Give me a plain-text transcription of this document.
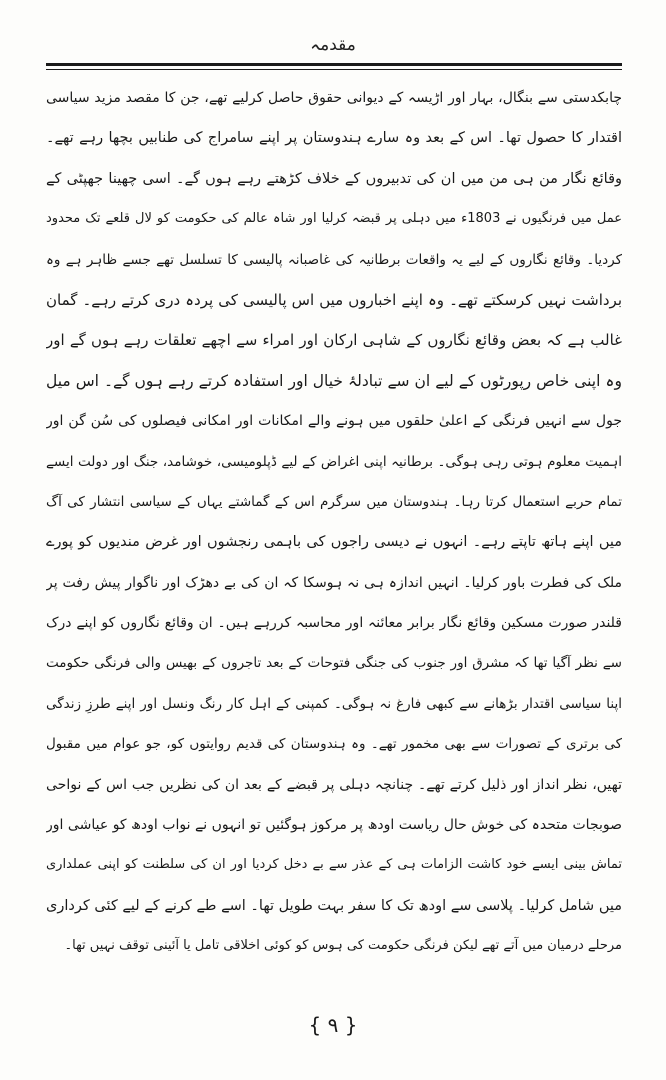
مقدمہ
چابکدستی سے بنگال، بہار اور اڑیسہ کے دیوانی حقوق حاصل کرلیے تھے، جن کا مقصد مزید سیاسی
اقتدار کا حصول تھا۔ اس کے بعد وہ سارے ہندوستان پر اپنے سامراج کی طنابیں بچھا رہے تھے۔
وقائع نگار من ہی من میں ان کی تدبیروں کے خلاف کڑھتے رہے ہوں گے۔ اسی چھینا جھپٹی کے
عمل میں فرنگیوں نے 1803ء میں دہلی پر قبضہ کرلیا اور شاہ عالم کی حکومت کو لال قلعے تک محدود
کردیا۔ وقائع نگاروں کے لیے یہ واقعات برطانیہ کی غاصبانہ پالیسی کا تسلسل تھے جسے ظاہر ہے وہ
برداشت نہیں کرسکتے تھے۔ وہ اپنے اخباروں میں اس پالیسی کی پردہ دری کرتے رہے۔ گمان
غالب ہے کہ بعض وقائع نگاروں کے شاہی ارکان اور امراء سے اچھے تعلقات رہے ہوں گے اور
وہ اپنی خاص رپورٹوں کے لیے ان سے تبادلۂ خیال اور استفادہ کرتے رہے ہوں گے۔ اس میل
جول سے انہیں فرنگی کے اعلیٰ حلقوں میں ہونے والے امکانات اور امکانی فیصلوں کی سُن گن اور
اہمیت معلوم ہوتی رہی ہوگی۔ برطانیہ اپنی اغراض کے لیے ڈپلومیسی، خوشامد، جنگ اور دولت ایسے
تمام حربے استعمال کرتا رہا۔ ہندوستان میں سرگرم اس کے گماشتے یہاں کے سیاسی انتشار کی آگ
میں اپنے ہاتھ تاپتے رہے۔ انہوں نے دیسی راجوں کی باہمی رنجشوں اور غرض مندیوں کو پورے
ملک کی فطرت باور کرلیا۔ انہیں اندازہ ہی نہ ہوسکا کہ ان کی بے دھڑک اور ناگوار پیش رفت پر
قلندر صورت مسکین وقائع نگار برابر معائنہ اور محاسبہ کررہے ہیں۔ ان وقائع نگاروں کو اپنے درک
سے نظر آگیا تھا کہ مشرق اور جنوب کی جنگی فتوحات کے بعد تاجروں کے بھیس والی فرنگی حکومت
اپنا سیاسی اقتدار بڑھانے سے کبھی فارغ نہ ہوگی۔ کمپنی کے اہل کار رنگ ونسل اور اپنے طرزِ زندگی
کی برتری کے تصورات سے بھی مخمور تھے۔ وہ ہندوستان کی قدیم روایتوں کو، جو عوام میں مقبول
تھیں، نظر انداز اور ذلیل کرتے تھے۔ چنانچہ دہلی پر قبضے کے بعد ان کی نظریں جب اس کے نواحی
صوبجات متحدہ کی خوش حال ریاست اودھ پر مرکوز ہوگئیں تو انہوں نے نواب اودھ کو عیاشی اور
تماش بینی ایسے خود کاشت الزامات ہی کے عذر سے بے دخل کردیا اور ان کی سلطنت کو اپنی عملداری
میں شامل کرلیا۔ پلاسی سے اودھ تک کا سفر بہت طویل تھا۔ اسے طے کرنے کے لیے کئی کرداری
مرحلے درمیان میں آتے تھے لیکن فرنگی حکومت کی ہوس کو کوئی اخلاقی تامل یا آئینی توقف نہیں تھا۔
{ ۹ }
